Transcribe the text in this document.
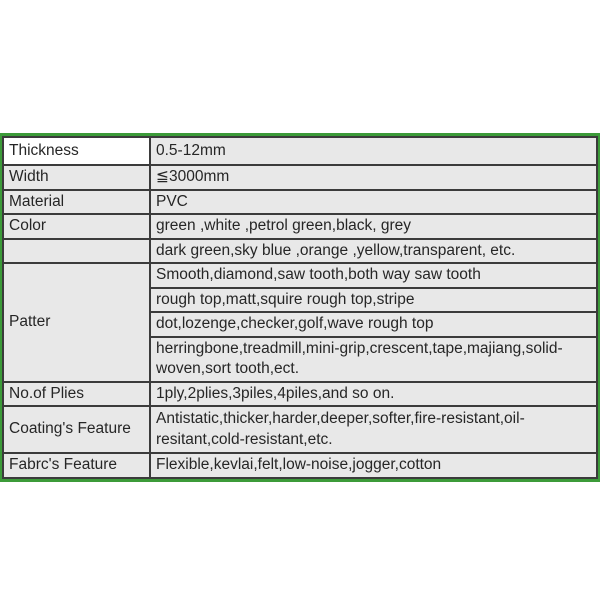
Thickness	0.5-12mm
Width	≦3000mm
Material	PVC
Color	green ,white ,petrol green,black, grey
	dark green,sky blue ,orange ,yellow,transparent, etc.
Patter	Smooth,diamond,saw tooth,both way saw tooth
	rough top,matt,squire rough top,stripe
	dot,lozenge,checker,golf,wave rough top
	herringbone,treadmill,mini-grip,crescent,tape,majiang,solid-woven,sort tooth,ect.
No.of Plies	1ply,2plies,3piles,4piles,and so on.
Coating's Feature	Antistatic,thicker,harder,deeper,softer,fire-resistant,oil-resitant,cold-resistant,etc.
Fabrc's Feature	Flexible,kevlai,felt,low-noise,jogger,cotton
